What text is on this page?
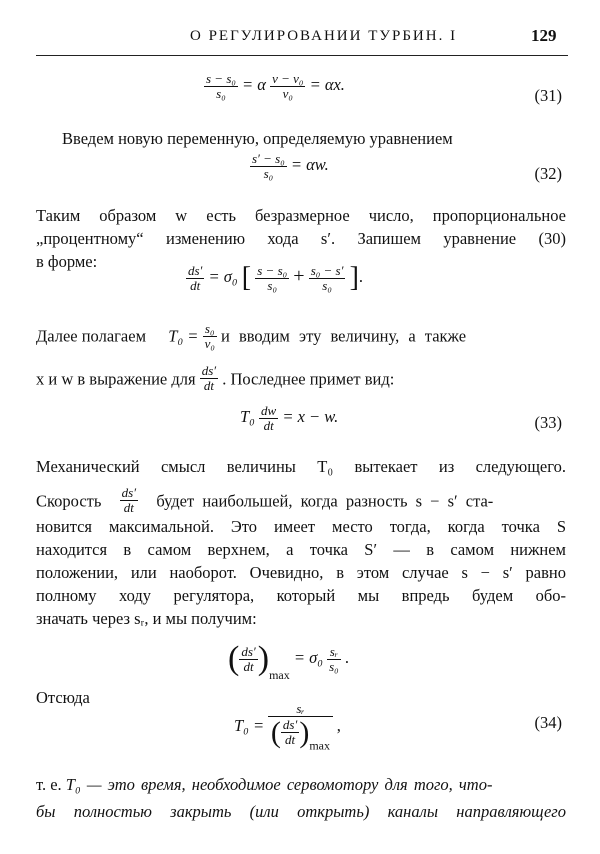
О РЕГУЛИРОВАНИИ ТУРБИН. I	129
$\frac{\text{s − s₀}}{\text{s₀}} = \alpha \frac{\text{v − v₀}}{\text{v₀}} = \alpha x$.
(31)
Введем новую переменную, определяемую уравнением
$\frac{\text{s′ − s₀}}{\text{s₀}} = \alpha w$.	(32)
Таким образом w есть безразмерное число, пропорциональное
„процентному“ изменению хода s′. Запишем уравнение (30)
в форме:
$\frac{ds'}{dt} = \sigma_0$ [ $\frac{\text{s − s₀}}{\text{s₀}} + \frac{\text{s₀ − s′}}{\text{s₀}}$ ].
Далее полагаем $T_0 = \frac{\text{s₀}}{\text{v₀}}$ и вводим эту величину, а также
x и w в выражение для $\frac{ds'}{dt}$ . Последнее примет вид:
$T_0 \frac{dw}{dt} = x - w$.	(33)
Механический смысл величины T₀ вытекает из следующего.
Скорость $\frac{ds'}{dt}$ будет наибольшей, когда разность s − s′ ста-
новится максимальной. Это имеет место тогда, когда точка S
находится в самом верхнем, а точка S′ — в самом нижнем
положении, или наоборот. Очевидно, в этом случае s − s′ равно
полному ходу регулятора, который мы впредь будем обо-
значать через sᵣ, и мы получим:
( $\frac{ds'}{dt} )_{max} = \sigma_0 \frac{\text{sᵣ}}{\text{s₀}}$ .
Отсюда
$T_0 = \frac{\text{sᵣ}}{( \frac{ds'}{dt} )\max}$ ,	(34)
т. е. T₀ — это время, необходимое сервомотору для того, что-
бы полностью закрыть (или открыть) каналы направляющего
